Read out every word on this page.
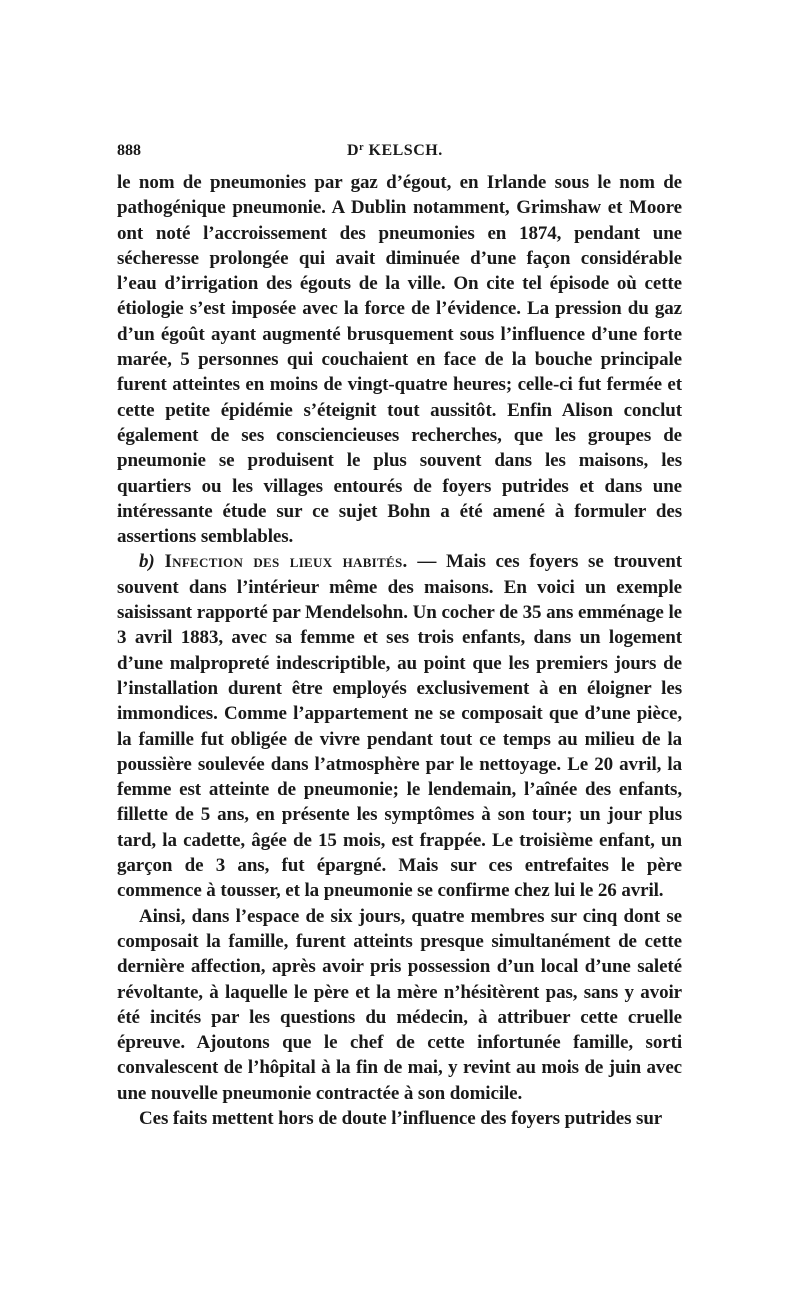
888	$D^r$ KELSCH.

le nom de pneumonies par gaz d’égout, en Irlande sous le nom de pathogénique pneumonie. A Dublin notamment, Grimshaw et Moore ont noté l’accroissement des pneumonies en 1874, pendant une sécheresse prolongée qui avait diminuée d’une façon considérable l’eau d’irrigation des égouts de la ville. On cite tel épisode où cette étiologie s’est imposée avec la force de l’évidence. La pression du gaz d’un égoût ayant augmenté brusquement sous l’influence d’une forte marée, 5 personnes qui couchaient en face de la bouche principale furent atteintes en moins de vingt-quatre heures; celle-ci fut fermée et cette petite épidémie s’éteignit tout aussitôt. Enfin Alison conclut également de ses consciencieuses recherches, que les groupes de pneumonie se produisent le plus souvent dans les maisons, les quartiers ou les villages entourés de foyers putrides et dans une intéressante étude sur ce sujet Bohn a été amené à formuler des assertions semblables.

b) Infection des lieux habités. — Mais ces foyers se trouvent souvent dans l’intérieur même des maisons. En voici un exemple saisissant rapporté par Mendelsohn. Un cocher de 35 ans emménage le 3 avril 1883, avec sa femme et ses trois enfants, dans un logement d’une malpropreté indescriptible, au point que les premiers jours de l’installation durent être employés exclusivement à en éloigner les immondices. Comme l’appartement ne se composait que d’une pièce, la famille fut obligée de vivre pendant tout ce temps au milieu de la poussière soulevée dans l’atmosphère par le nettoyage. Le 20 avril, la femme est atteinte de pneumonie; le lendemain, l’aînée des enfants, fillette de 5 ans, en présente les symptômes à son tour; un jour plus tard, la cadette, âgée de 15 mois, est frappée. Le troisième enfant, un garçon de 3 ans, fut épargné. Mais sur ces entrefaites le père commence à tousser, et la pneumonie se confirme chez lui le 26 avril.

Ainsi, dans l’espace de six jours, quatre membres sur cinq dont se composait la famille, furent atteints presque simultanément de cette dernière affection, après avoir pris possession d’un local d’une saleté révoltante, à laquelle le père et la mère n’hésitèrent pas, sans y avoir été incités par les questions du médecin, à attribuer cette cruelle épreuve. Ajoutons que le chef de cette infortunée famille, sorti convalescent de l’hôpital à la fin de mai, y revint au mois de juin avec une nouvelle pneumonie contractée à son domicile.

Ces faits mettent hors de doute l’influence des foyers putrides sur
